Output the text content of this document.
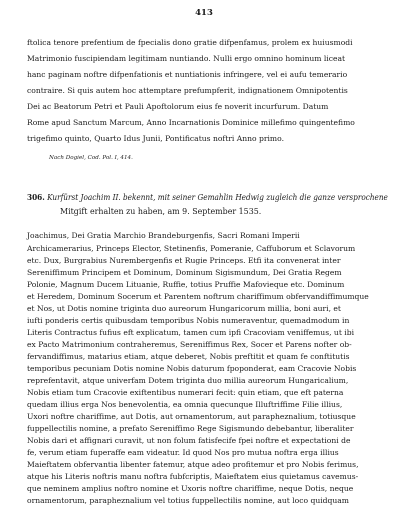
413
ftolica tenore prefentium de fpecialis dono gratie difpenfamus, prolem ex huiusmodi
Matrimonio fuscipiendam legitimam nuntiando. Nulli ergo omnino hominum liceat
hanc paginam noftre difpenfationis et nuntiationis infringere, vel ei aufu temerario
contraire. Si quis autem hoc attemptare prefumpferit, indignationem Omnipotentis
Dei ac Beatorum Petri et Pauli Apoftolorum eius fe noverit incurfurum. Datum
Rome apud Sanctum Marcum, Anno Incarnationis Dominice millefimo quingentefimo
trigefimo quinto, Quarto Idus Junii, Pontificatus noftri Anno primo.
Nach Dogiel, Cod. Pol. I, 414.
306. Kurfürst Joachim II. bekennt, mit seiner Gemahlin Hedwig zugleich die ganze versprochene
Mitgift erhalten zu haben, am 9. September 1535.
Joachimus, Dei Gratia Marchio Brandeburgenfis, Sacri Romani Imperii
Archicamerarius, Princeps Elector, Stetinenfis, Pomeranie, Caffuborum et Sclavorum
etc. Dux, Burgrabius Nurembergenfis et Rugie Princeps. Etfi ita convenerat inter
Sereniffimum Principem et Dominum, Dominum Sigismundum, Dei Gratia Regem
Polonie, Magnum Ducem Lituanie, Ruffie, totius Pruffie Mafovieque etc. Dominum
et Heredem, Dominum Socerum et Parentem noftrum chariffimum obfervandiffimumque
et Nos, ut Dotis nomine triginta duo aureorum Hungaricorum millia, boni auri, et
iufti ponderis certis quibusdam temporibus Nobis numeraventur, quemadmodum in
Literis Contractus fufius eft explicatum, tamen cum ipfi Cracoviam veniffemus, ut ibi
ex Pacto Matrimonium contraheremus, Sereniffimus Rex, Socer et Parens nofter ob-
fervandiffimus, matarius etiam, atque deberet, Nobis preftitit et quam fe conftitutis
temporibus pecuniam Dotis nomine Nobis daturum fpoponderat, eam Cracovie Nobis
reprefentavit, atque univerfam Dotem triginta duo millia aureorum Hungaricalium,
Nobis etiam tum Cracovie exiftentibus numerari fecit: quin etiam, que eft paterna
quedam illius erga Nos benevolentia, ea omnia quecunque Illuftriffime Filie illius,
Uxori noftre chariffime, aut Dotis, aut ornamentorum, aut parapheznalium, totiusque
fuppellectilis nomine, a prefato Sereniffimo Rege Sigismundo debebantur, liberaliter
Nobis dari et affignari curavit, ut non folum fatisfecife fpei noftre et expectationi de
fe, verum etiam fuperaffe eam videatur. Id quod Nos pro mutua noftra erga illius
Maieftatem obfervantia libenter fatemur, atque adeo profitemur et pro Nobis ferimus,
atque his Literis noftris manu noftra fubfcriptis, Maieftatem eius quietamus cavemus-
que neminem amplius noftro nomine et Uxoris noftre chariffime, neque Dotis, neque
ornamentorum, parapheznalium vel totius fuppellectilis nomine, aut loco quidquam
